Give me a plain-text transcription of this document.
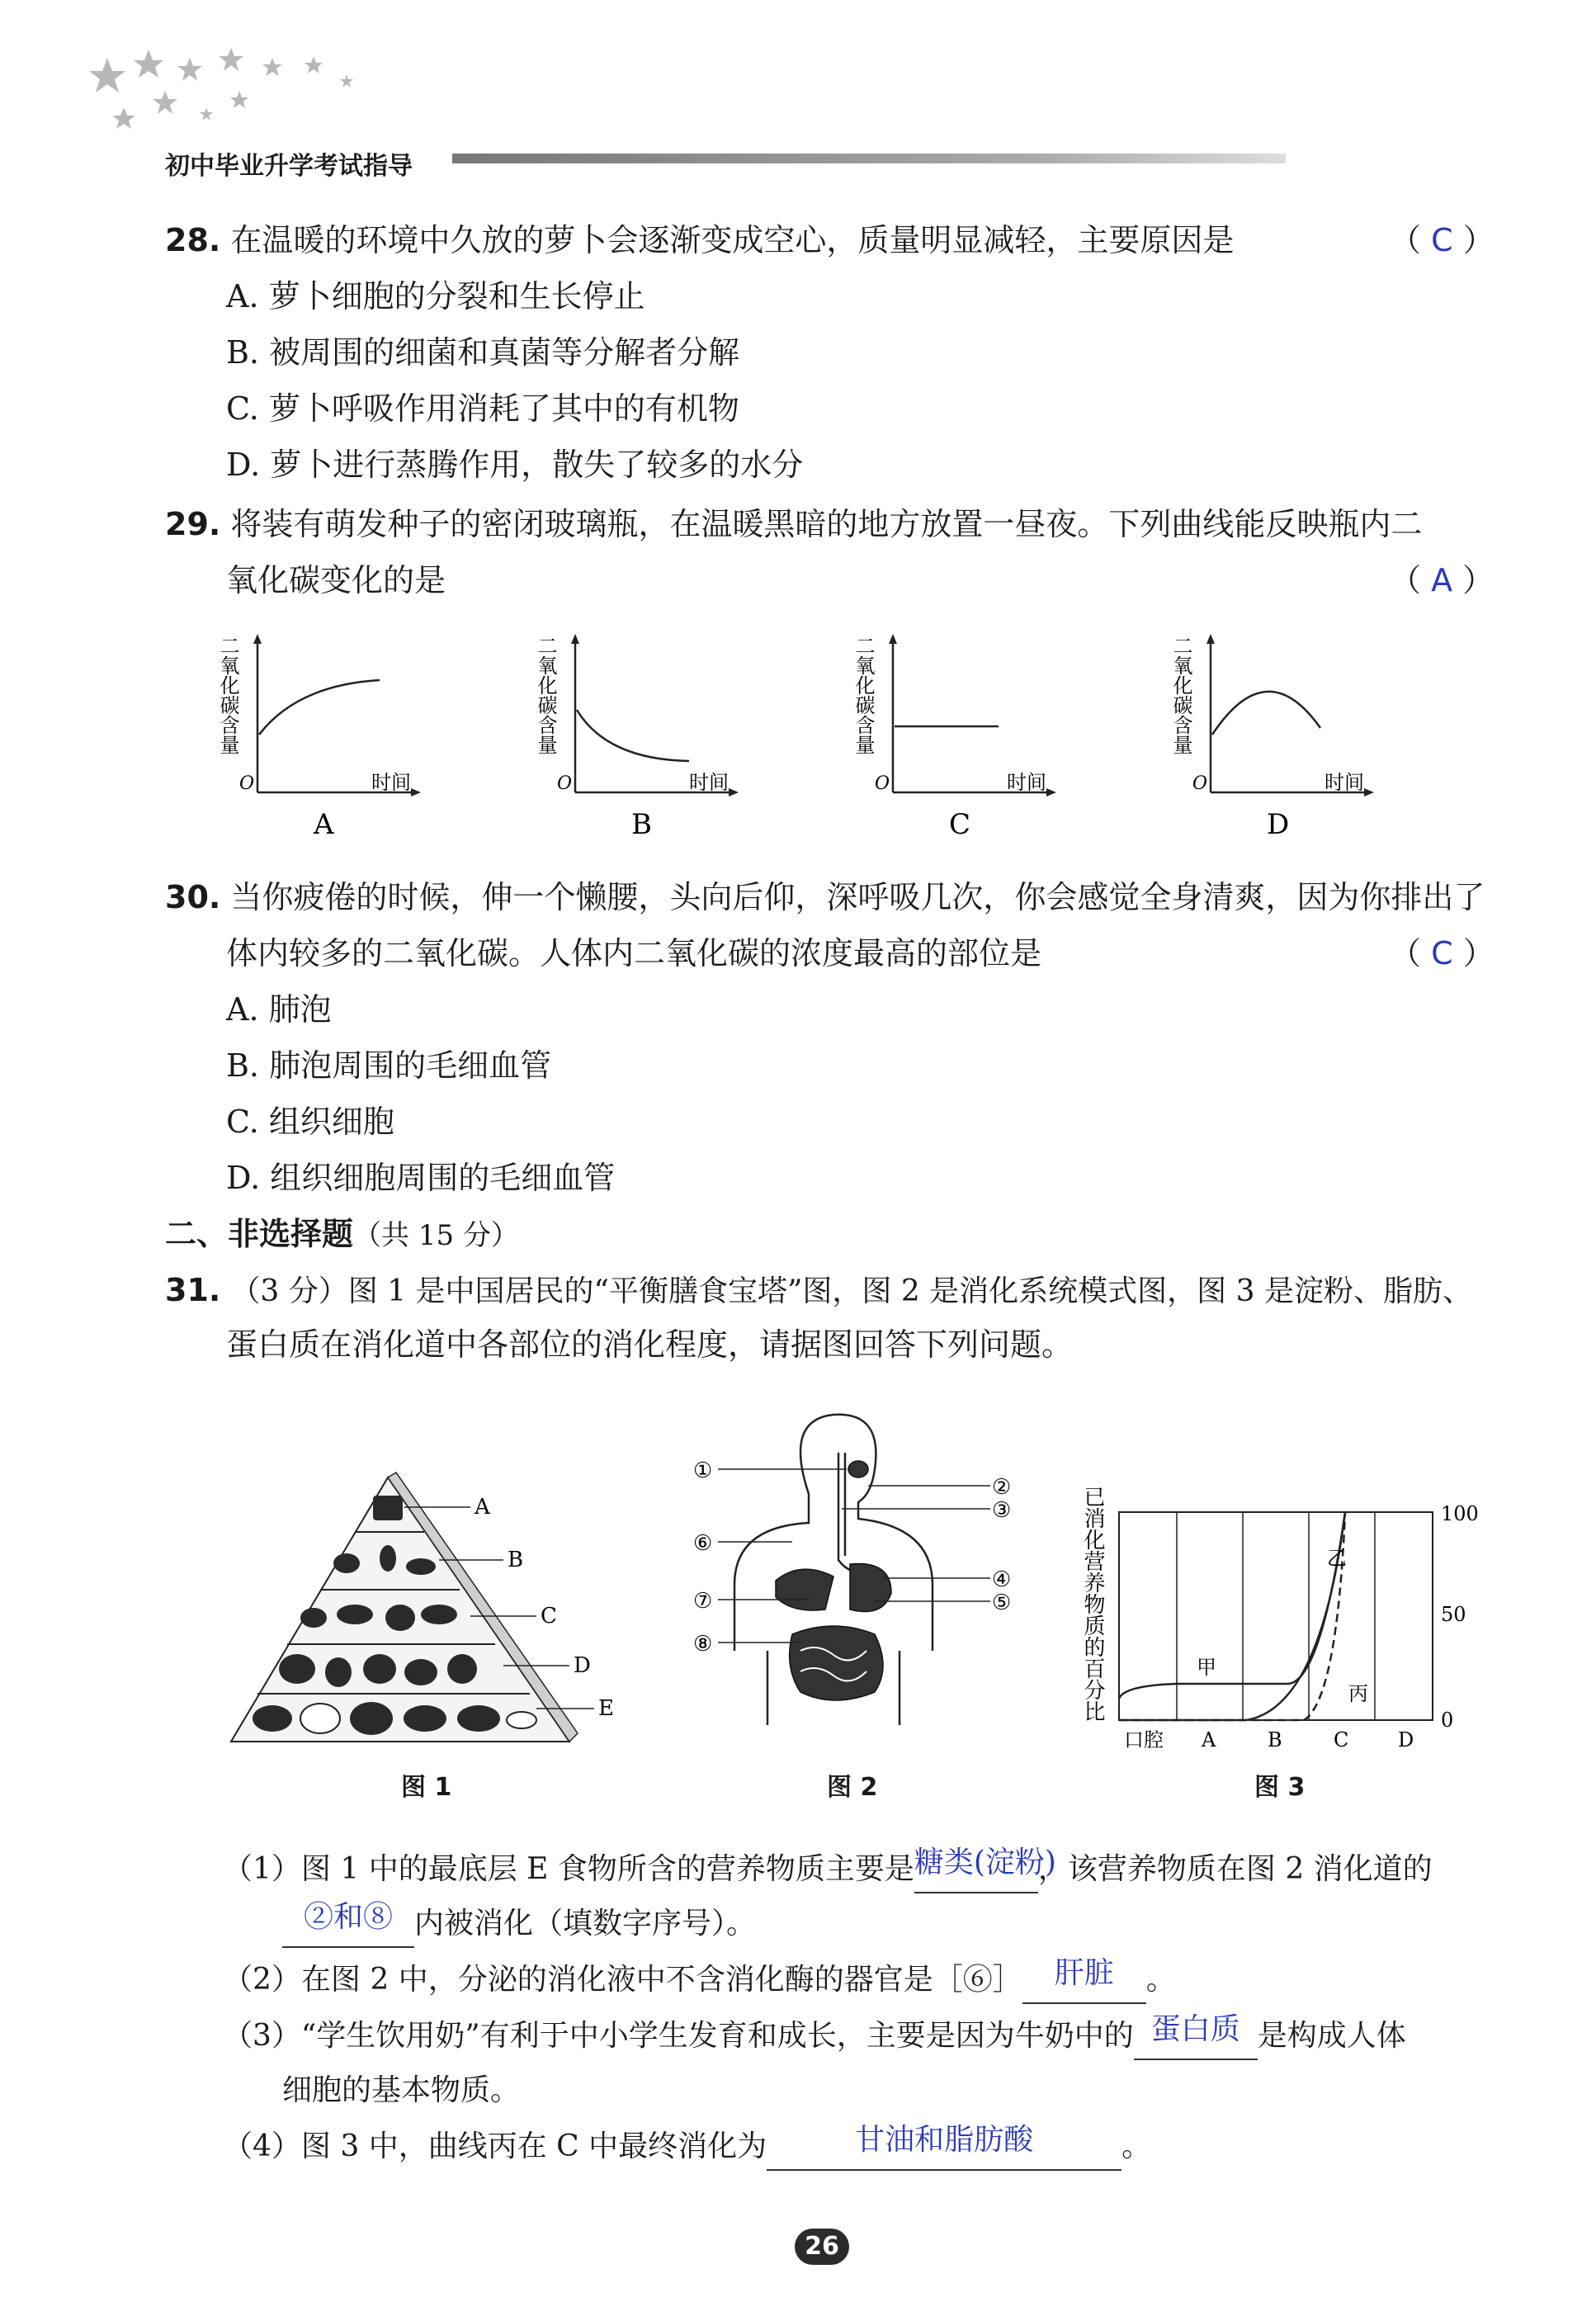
初中毕业升学考试指导
28. 在温暖的环境中久放的萝卜会逐渐变成空心，质量明显减轻，主要原因是	（ C ）
A. 萝卜细胞的分裂和生长停止
B. 被周围的细菌和真菌等分解者分解
C. 萝卜呼吸作用消耗了其中的有机物
D. 萝卜进行蒸腾作用，散失了较多的水分
29. 将装有萌发种子的密闭玻璃瓶，在温暖黑暗的地方放置一昼夜。下列曲线能反映瓶内二
氧化碳变化的是	（ A ）
二氧化碳含量
O	时间
A
二氧化碳含量
O	时间
B
二氧化碳含量
O	时间
C
二氧化碳含量
O	时间
D
30. 当你疲倦的时候，伸一个懒腰，头向后仰，深呼吸几次，你会感觉全身清爽，因为你排出了
体内较多的二氧化碳。人体内二氧化碳的浓度最高的部位是	（ C ）
A. 肺泡
B. 肺泡周围的毛细血管
C. 组织细胞
D. 组织细胞周围的毛细血管
二、非选择题（共 15 分）
31. （3 分）图 1 是中国居民的“平衡膳食宝塔”图，图 2 是消化系统模式图，图 3 是淀粉、脂肪、
蛋白质在消化道中各部位的消化程度，请据图回答下列问题。
A
B
C
D
E
图 1
①
②
③
⑥
④
⑤
⑦
⑧
图 2
已消化营养物质的百分比	100
50
0
口腔 A	B	C D
甲
乙
丙
图 3
（1）图 1 中的最底层 E 食物所含的营养物质主要是 糖类(淀粉)
，该营养物质在图 2 消化道的
②和⑧ 内被消化（填数字序号）。
（2）在图 2 中，分泌的消化液中不含消化酶的器官是［⑥］	肝脏	。
（3）“学生饮用奶”有利于中小学生发育和成长，主要是因为牛奶中的 蛋白质 是构成人体
细胞的基本物质。
（4）图 3 中，曲线丙在 C 中最终消化为	甘油和脂肪酸	。
26
